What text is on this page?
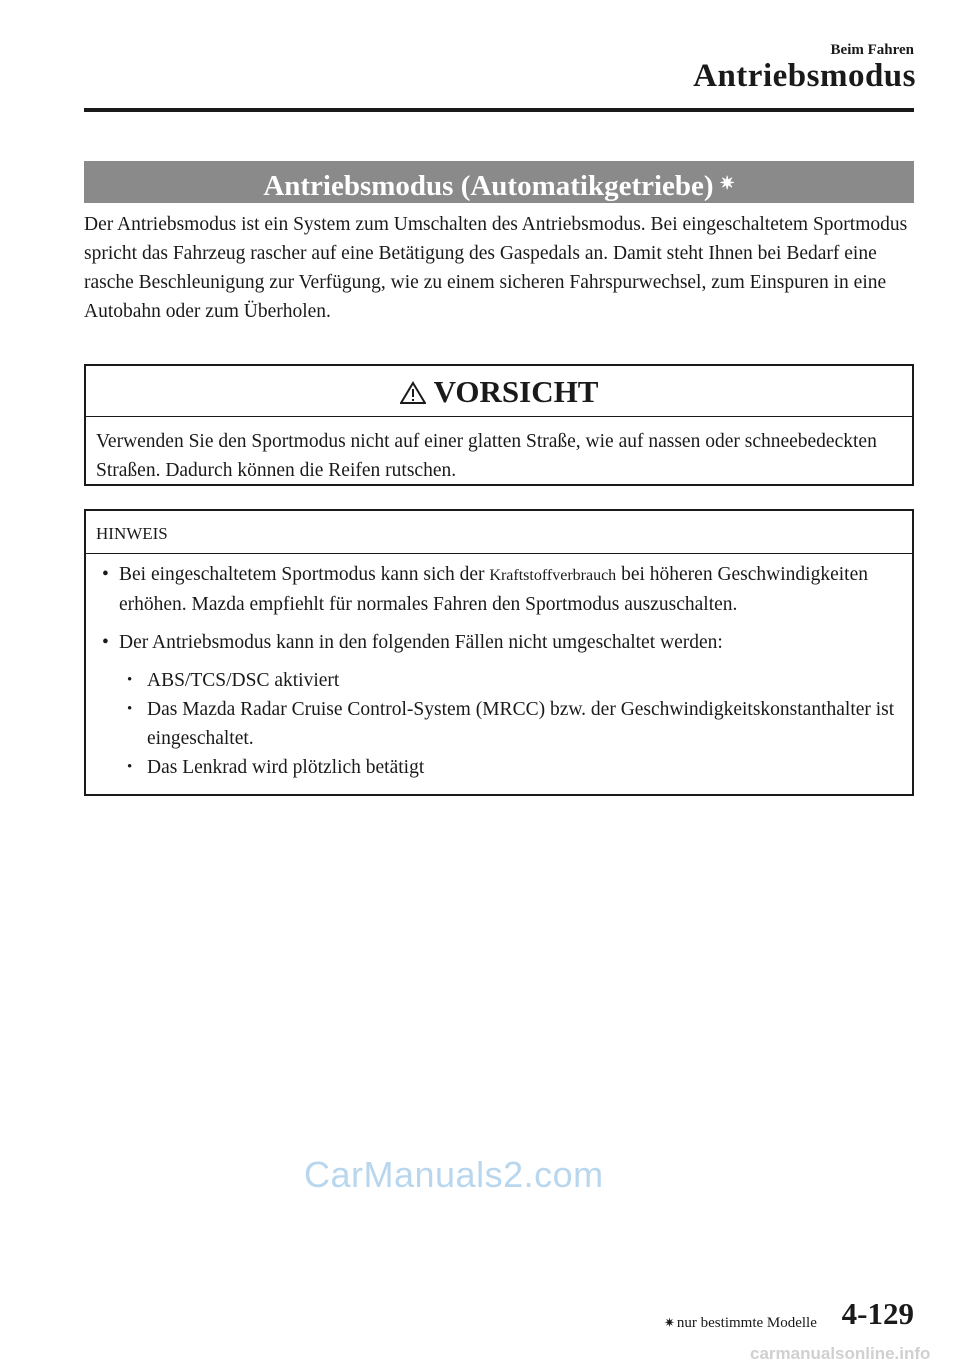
Beim Fahren
Antriebsmodus
Antriebsmodus (Automatikgetriebe) ✷

Der Antriebsmodus ist ein System zum Umschalten des Antriebsmodus. Bei eingeschaltetem Sportmodus spricht das Fahrzeug rascher auf eine Betätigung des Gaspedals an. Damit steht Ihnen bei Bedarf eine rasche Beschleunigung zur Verfügung, wie zu einem sicheren Fahrspurwechsel, zum Einspuren in eine Autobahn oder zum Überholen.

VORSICHT
Verwenden Sie den Sportmodus nicht auf einer glatten Straße, wie auf nassen oder schneebedeckten Straßen. Dadurch können die Reifen rutschen.
HINWEIS

• Bei eingeschaltetem Sportmodus kann sich der Kraftstoffverbrauch bei höheren Geschwindigkeiten erhöhen. Mazda empfiehlt für normales Fahren den Sportmodus auszuschalten.

• Der Antriebsmodus kann in den folgenden Fällen nicht umgeschaltet werden:

• ABS/TCS/DSC aktiviert

• Das Mazda Radar Cruise Control-System (MRCC) bzw. der Geschwindigkeitskonstanthalter ist eingeschaltet.

• Das Lenkrad wird plötzlich betätigt

CarManuals2.com
✷ nur bestimmte Modelle 4-129
carmanualsonline.info
